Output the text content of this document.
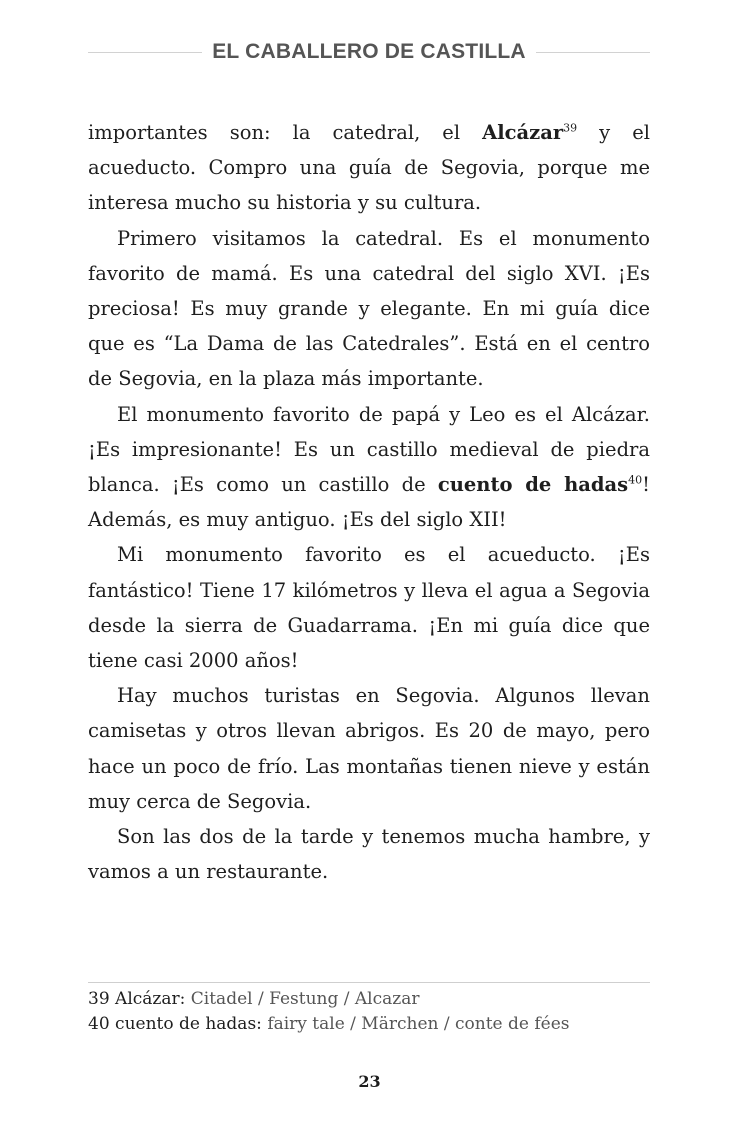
EL CABALLERO DE CASTILLA

importantes son: la catedral, el Alcázar$^{39}$ y el acueducto. Compro una guía de Segovia, porque me interesa mucho su historia y su cultura.

Primero visitamos la catedral. Es el monumento favorito de mamá. Es una catedral del siglo XVI. ¡Es preciosa! Es muy grande y elegante. En mi guía dice que es “La Dama de las Catedrales”. Está en el centro de Segovia, en la plaza más importante.

El monumento favorito de papá y Leo es el Alcázar. ¡Es impresionante! Es un castillo medieval de piedra blanca. ¡Es como un castillo de cuento de hadas$^{40}$! Además, es muy antiguo. ¡Es del siglo XII!

Mi monumento favorito es el acueducto. ¡Es fantástico! Tiene 17 kilómetros y lleva el agua a Segovia desde la sierra de Guadarrama. ¡En mi guía dice que tiene casi 2000 años!

Hay muchos turistas en Segovia. Algunos llevan camisetas y otros llevan abrigos. Es 20 de mayo, pero hace un poco de frío. Las montañas tienen nieve y están muy cerca de Segovia.

Son las dos de la tarde y tenemos mucha hambre, y vamos a un restaurante.

39 Alcázar: Citadel / Festung / Alcazar
40 cuento de hadas: fairy tale / Märchen / conte de fées
23
